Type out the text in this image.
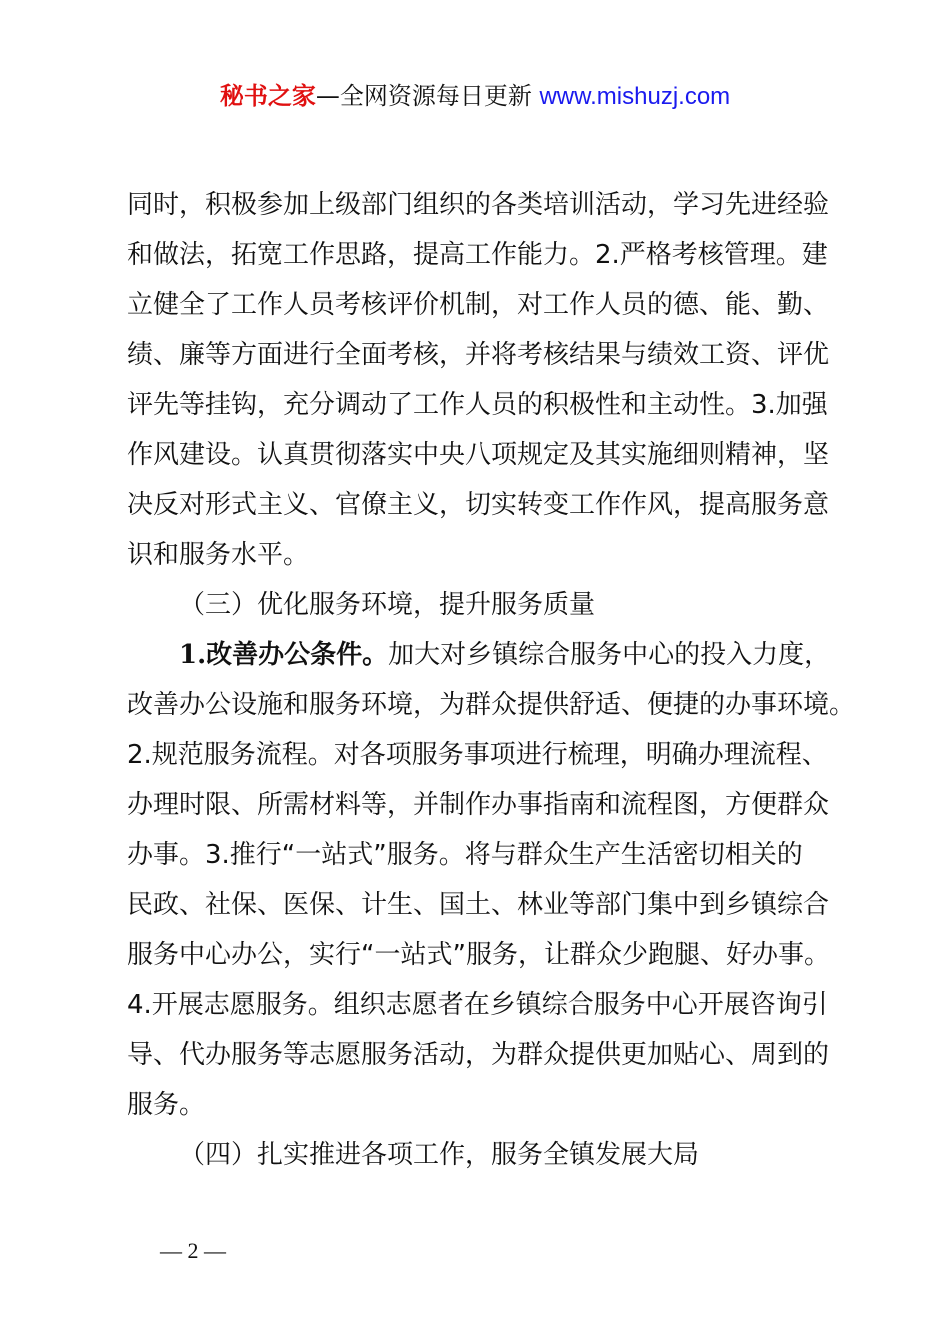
秘书之家—全网资源每日更新 www.mishuzj.com
同时，积极参加上级部门组织的各类培训活动，学习先进经验
和做法，拓宽工作思路，提高工作能力。2.严格考核管理。建
立健全了工作人员考核评价机制，对工作人员的德、能、勤、
绩、廉等方面进行全面考核，并将考核结果与绩效工资、评优
评先等挂钩，充分调动了工作人员的积极性和主动性。3.加强
作风建设。认真贯彻落实中央八项规定及其实施细则精神，坚
决反对形式主义、官僚主义，切实转变工作作风，提高服务意
识和服务水平。
（三）优化服务环境，提升服务质量
1.改善办公条件。加大对乡镇综合服务中心的投入力度，
改善办公设施和服务环境，为群众提供舒适、便捷的办事环境。
2.规范服务流程。对各项服务事项进行梳理，明确办理流程、
办理时限、所需材料等，并制作办事指南和流程图，方便群众
办事。3.推行“一站式”服务。将与群众生产生活密切相关的
民政、社保、医保、计生、国土、林业等部门集中到乡镇综合
服务中心办公，实行“一站式”服务，让群众少跑腿、好办事。
4.开展志愿服务。组织志愿者在乡镇综合服务中心开展咨询引
导、代办服务等志愿服务活动，为群众提供更加贴心、周到的
服务。
（四）扎实推进各项工作，服务全镇发展大局
— 2 —
